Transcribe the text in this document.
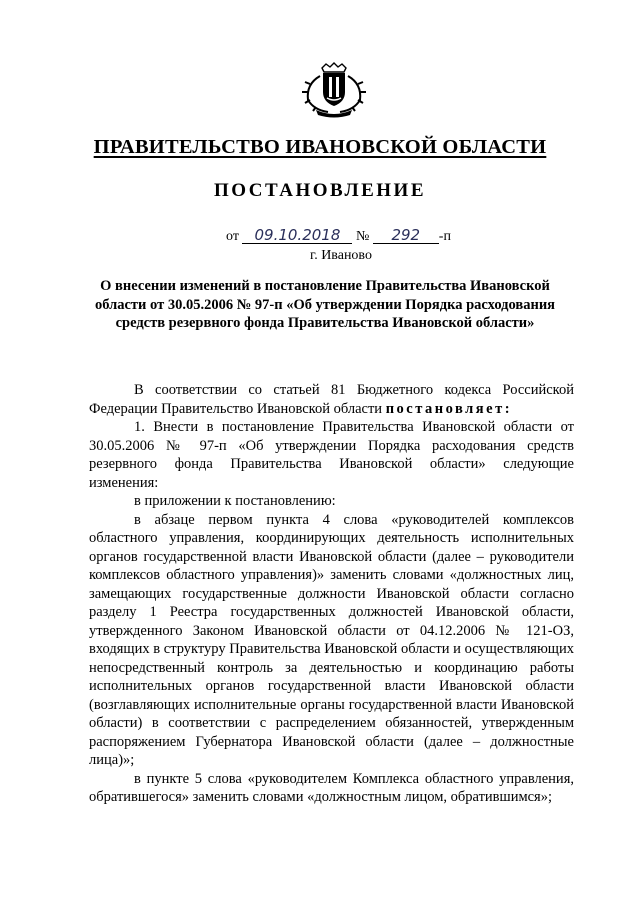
ПРАВИТЕЛЬСТВО ИВАНОВСКОЙ ОБЛАСТИ
ПОСТАНОВЛЕНИЕ
от 09.10.2018 № 292 -п
г. Иваново
О внесении изменений в постановление Правительства Ивановской области от 30.05.2006 № 97-п «Об утверждении Порядка расходования средств резервного фонда Правительства Ивановской области»

В соответствии со статьей 81 Бюджетного кодекса Российской Федерации Правительство Ивановской области постановляет:

1. Внести в постановление Правительства Ивановской области от 30.05.2006 № 97-п «Об утверждении Порядка расходования средств резервного фонда Правительства Ивановской области» следующие изменения:

в приложении к постановлению:

в абзаце первом пункта 4 слова «руководителей комплексов областного управления, координирующих деятельность исполнительных органов государственной власти Ивановской области (далее – руководители комплексов областного управления)» заменить словами «должностных лиц, замещающих государственные должности Ивановской области согласно разделу 1 Реестра государственных должностей Ивановской области, утвержденного Законом Ивановской области от 04.12.2006 № 121-ОЗ, входящих в структуру Правительства Ивановской области и осуществляющих непосредственный контроль за деятельностью и координацию работы исполнительных органов государственной власти Ивановской области (возглавляющих исполнительные органы государственной власти Ивановской области) в соответствии с распределением обязанностей, утвержденным распоряжением Губернатора Ивановской области (далее – должностные лица)»;

в пункте 5 слова «руководителем Комплекса областного управления, обратившегося» заменить словами «должностным лицом, обратившимся»;
